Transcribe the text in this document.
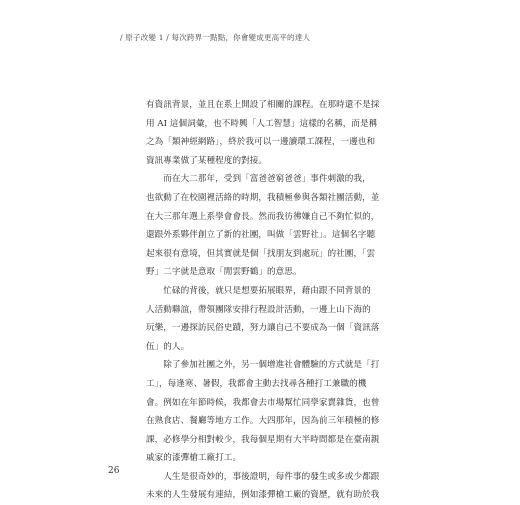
/ 原子改變 1 / 每次跨界一點點，你會變成更高平的達人

有資訊背景，並且在系上開設了相關的課程。在那時還不是採
用 AI 這個詞彙，也不時興「人工智慧」這樣的名稱，而是稱
之為「類神經網路」，終於我可以一邊讀環工課程，一邊也和
資訊專業做了某種程度的對接。

　　而在大二那年，受到「富爸爸窮爸爸」事件刺激的我，
也欲動了在校園裡活絡的時期，我積極參與各類社團活動，並
在大三那年選上系學會會長。然而我彷彿嫌自己不夠忙似的，
還跟外系夥伴創立了新的社團，叫做「雲野社」。這個名字聽
起來很有意境，但其實就是個「找朋友到處玩」的社團，「雲
野」二字就是意取「閒雲野鶴」的意思。

　　忙碌的背後，就只是想要拓展眼界，藉由跟不同背景的
人活動聯誼，帶領團隊安排行程設計活動，一邊上山下海的
玩樂，一邊探訪民俗史蹟，努力讓自己不要成為一個「資訊落
伍」的人。

　　除了參加社團之外，另一個增進社會體驗的方式就是「打
工」，每逢寒、暑假，我都會主動去找尋各種打工兼職的機
會。例如在年節時候，我都會去市場幫忙同學家賣雜貨，也曾
在熟食店、餐廳等地方工作。大四那年，因為前三年積極的修
課，必修學分相對較少，我每個星期有大半時間都是在臺南親
戚家的漆彈槍工廠打工。

　　人生是很奇妙的，事後證明，每件事的發生或多或少都跟
未來的人生發展有連結，例如漆彈槍工廠的資歷，就有助於我

26
